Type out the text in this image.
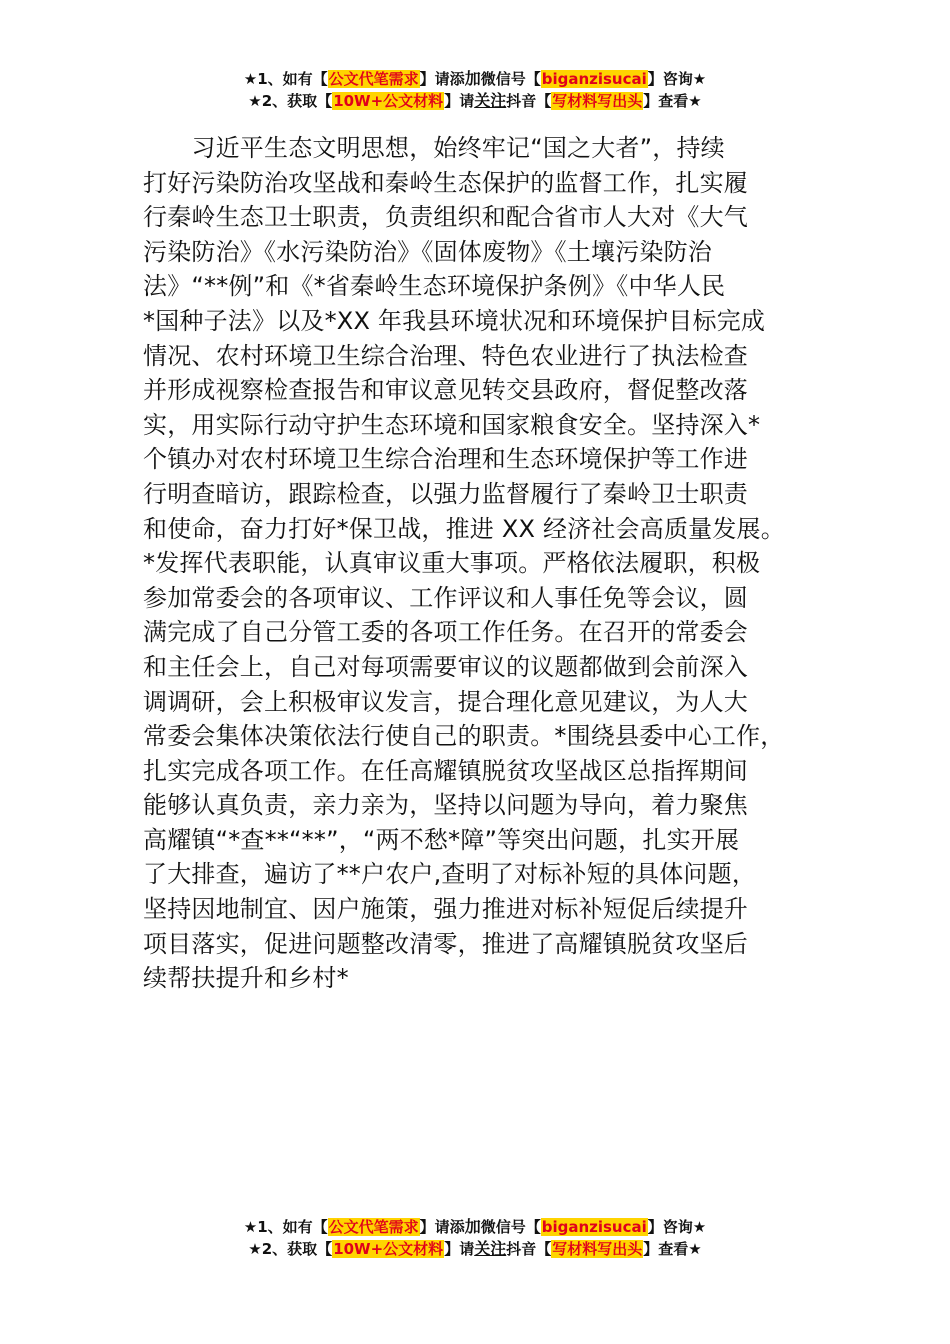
★1、如有【公文代笔需求】请添加微信号【biganzisucai】咨询★
★2、获取【10W+公文材料】请关注抖音【写材料写出头】查看★
　　习近平生态文明思想，始终牢记“国之大者”，持续
打好污染防治攻坚战和秦岭生态保护的监督工作，扎实履
行秦岭生态卫士职责，负责组织和配合省市人大对《大气
污染防治》《水污染防治》《固体废物》《土壤污染防治
法》“**例”和《*省秦岭生态环境保护条例》《中华人民
*国种子法》以及*XX 年我县环境状况和环境保护目标完成
情况、农村环境卫生综合治理、特色农业进行了执法检查
并形成视察检查报告和审议意见转交县政府，督促整改落
实，用实际行动守护生态环境和国家粮食安全。坚持深入*
个镇办对农村环境卫生综合治理和生态环境保护等工作进
行明查暗访，跟踪检查，以强力监督履行了秦岭卫士职责
和使命，奋力打好*保卫战，推进 XX 经济社会高质量发展。
*发挥代表职能，认真审议重大事项。严格依法履职，积极
参加常委会的各项审议、工作评议和人事任免等会议，圆
满完成了自己分管工委的各项工作任务。在召开的常委会
和主任会上，自己对每项需要审议的议题都做到会前深入
调调研，会上积极审议发言，提合理化意见建议，为人大
常委会集体决策依法行使自己的职责。*围绕县委中心工作，
扎实完成各项工作。在任高耀镇脱贫攻坚战区总指挥期间
能够认真负责，亲力亲为，坚持以问题为导向，着力聚焦
高耀镇“*查**“**”，“两不愁*障”等突出问题，扎实开展
了大排查，遍访了**户农户,查明了对标补短的具体问题，
坚持因地制宜、因户施策，强力推进对标补短促后续提升
项目落实，促进问题整改清零，推进了高耀镇脱贫攻坚后
续帮扶提升和乡村*
★1、如有【公文代笔需求】请添加微信号【biganzisucai】咨询★
★2、获取【10W+公文材料】请关注抖音【写材料写出头】查看★
